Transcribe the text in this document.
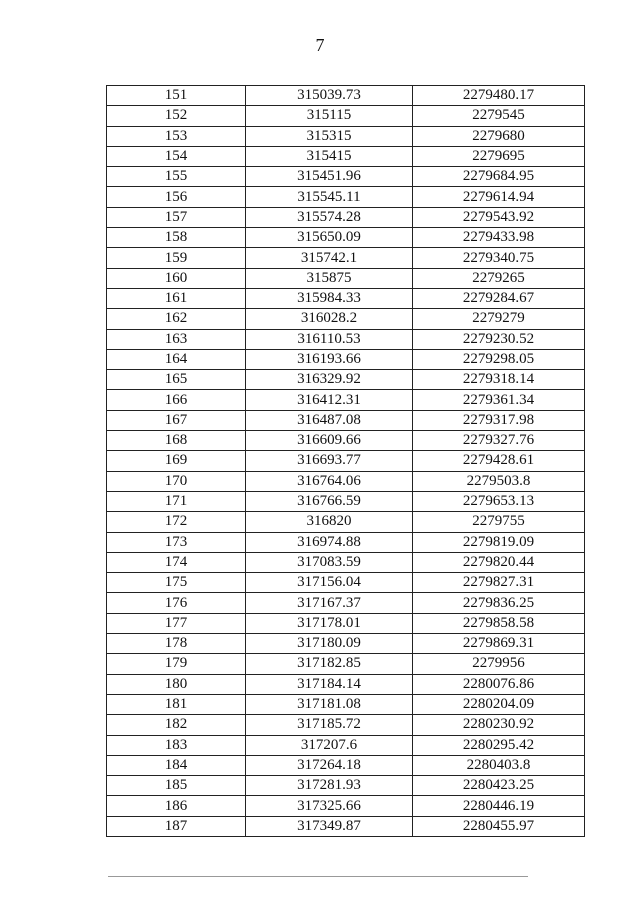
7
151	315039.73	2279480.17
152	315115	2279545
153	315315	2279680
154	315415	2279695
155	315451.96	2279684.95
156	315545.11	2279614.94
157	315574.28	2279543.92
158	315650.09	2279433.98
159	315742.1	2279340.75
160	315875	2279265
161	315984.33	2279284.67
162	316028.2	2279279
163	316110.53	2279230.52
164	316193.66	2279298.05
165	316329.92	2279318.14
166	316412.31	2279361.34
167	316487.08	2279317.98
168	316609.66	2279327.76
169	316693.77	2279428.61
170	316764.06	2279503.8
171	316766.59	2279653.13
172	316820	2279755
173	316974.88	2279819.09
174	317083.59	2279820.44
175	317156.04	2279827.31
176	317167.37	2279836.25
177	317178.01	2279858.58
178	317180.09	2279869.31
179	317182.85	2279956
180	317184.14	2280076.86
181	317181.08	2280204.09
182	317185.72	2280230.92
183	317207.6	2280295.42
184	317264.18	2280403.8
185	317281.93	2280423.25
186	317325.66	2280446.19
187	317349.87	2280455.97
